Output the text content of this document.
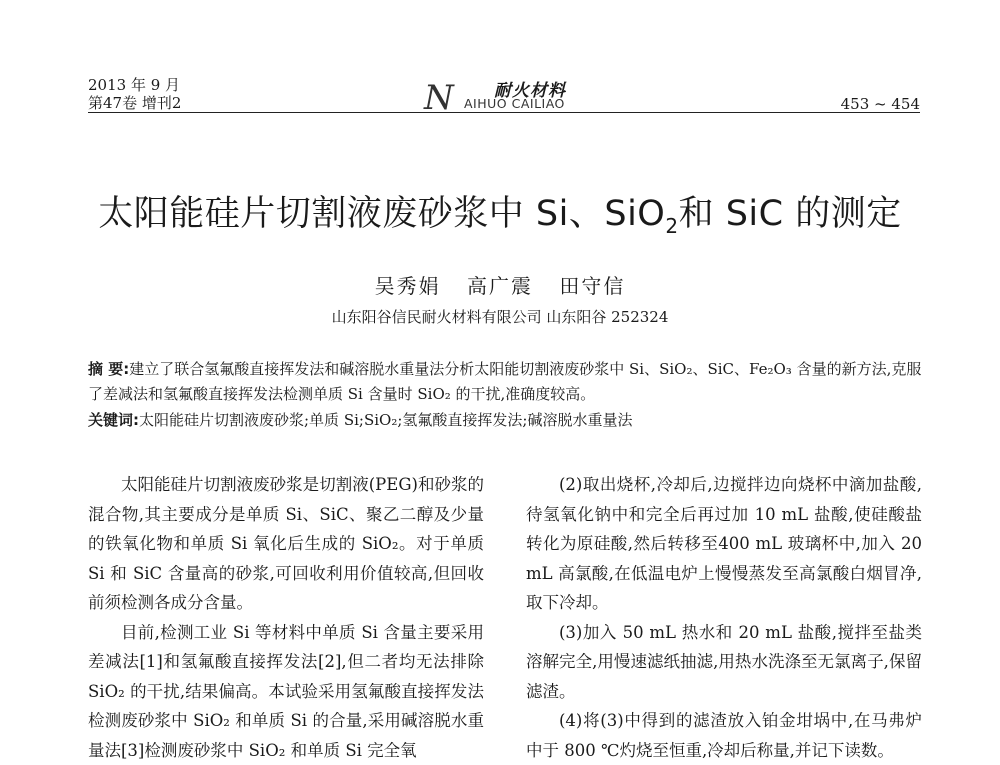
2013 年 9 月
第47卷 增刊2	N 耐火材料
AIHUO CAILIAO	453 ~ 454
太阳能硅片切割液废砂浆中 Si、SiO$_2$和 SiC 的测定
吴秀娟 高广震 田守信
山东阳谷信民耐火材料有限公司 山东阳谷 252324
摘 要:建立了联合氢氟酸直接挥发法和碱溶脱水重量法分析太阳能切割液废砂浆中 Si、SiO₂、SiC、Fe₂O₃ 含量的新方法,克服了差减法和氢氟酸直接挥发法检测单质 Si 含量时 SiO₂ 的干扰,准确度较高。
关键词:太阳能硅片切割液废砂浆;单质 Si;SiO₂;氢氟酸直接挥发法;碱溶脱水重量法

太阳能硅片切割液废砂浆是切割液(PEG)和砂浆的混合物,其主要成分是单质 Si、SiC、聚乙二醇及少量的铁氧化物和单质 Si 氧化后生成的 SiO₂。对于单质 Si 和 SiC 含量高的砂浆,可回收利用价值较高,但回收前须检测各成分含量。

目前,检测工业 Si 等材料中单质 Si 含量主要采用差减法[1]和氢氟酸直接挥发法[2],但二者均无法排除 SiO₂ 的干扰,结果偏高。本试验采用氢氟酸直接挥发法检测废砂浆中 SiO₂ 和单质 Si 的合量,采用碱溶脱水重量法[3]检测废砂浆中 SiO₂ 和单质 Si 完全氧

(2)取出烧杯,冷却后,边搅拌边向烧杯中滴加盐酸,待氢氧化钠中和完全后再过加 10 mL 盐酸,使硅酸盐转化为原硅酸,然后转移至400 mL 玻璃杯中,加入 20 mL 高氯酸,在低温电炉上慢慢蒸发至高氯酸白烟冒净,取下冷却。

(3)加入 50 mL 热水和 20 mL 盐酸,搅拌至盐类溶解完全,用慢速滤纸抽滤,用热水洗涤至无氯离子,保留滤渣。

(4)将(3)中得到的滤渣放入铂金坩埚中,在马弗炉中于 800 ℃灼烧至恒重,冷却后称量,并记下读数。
